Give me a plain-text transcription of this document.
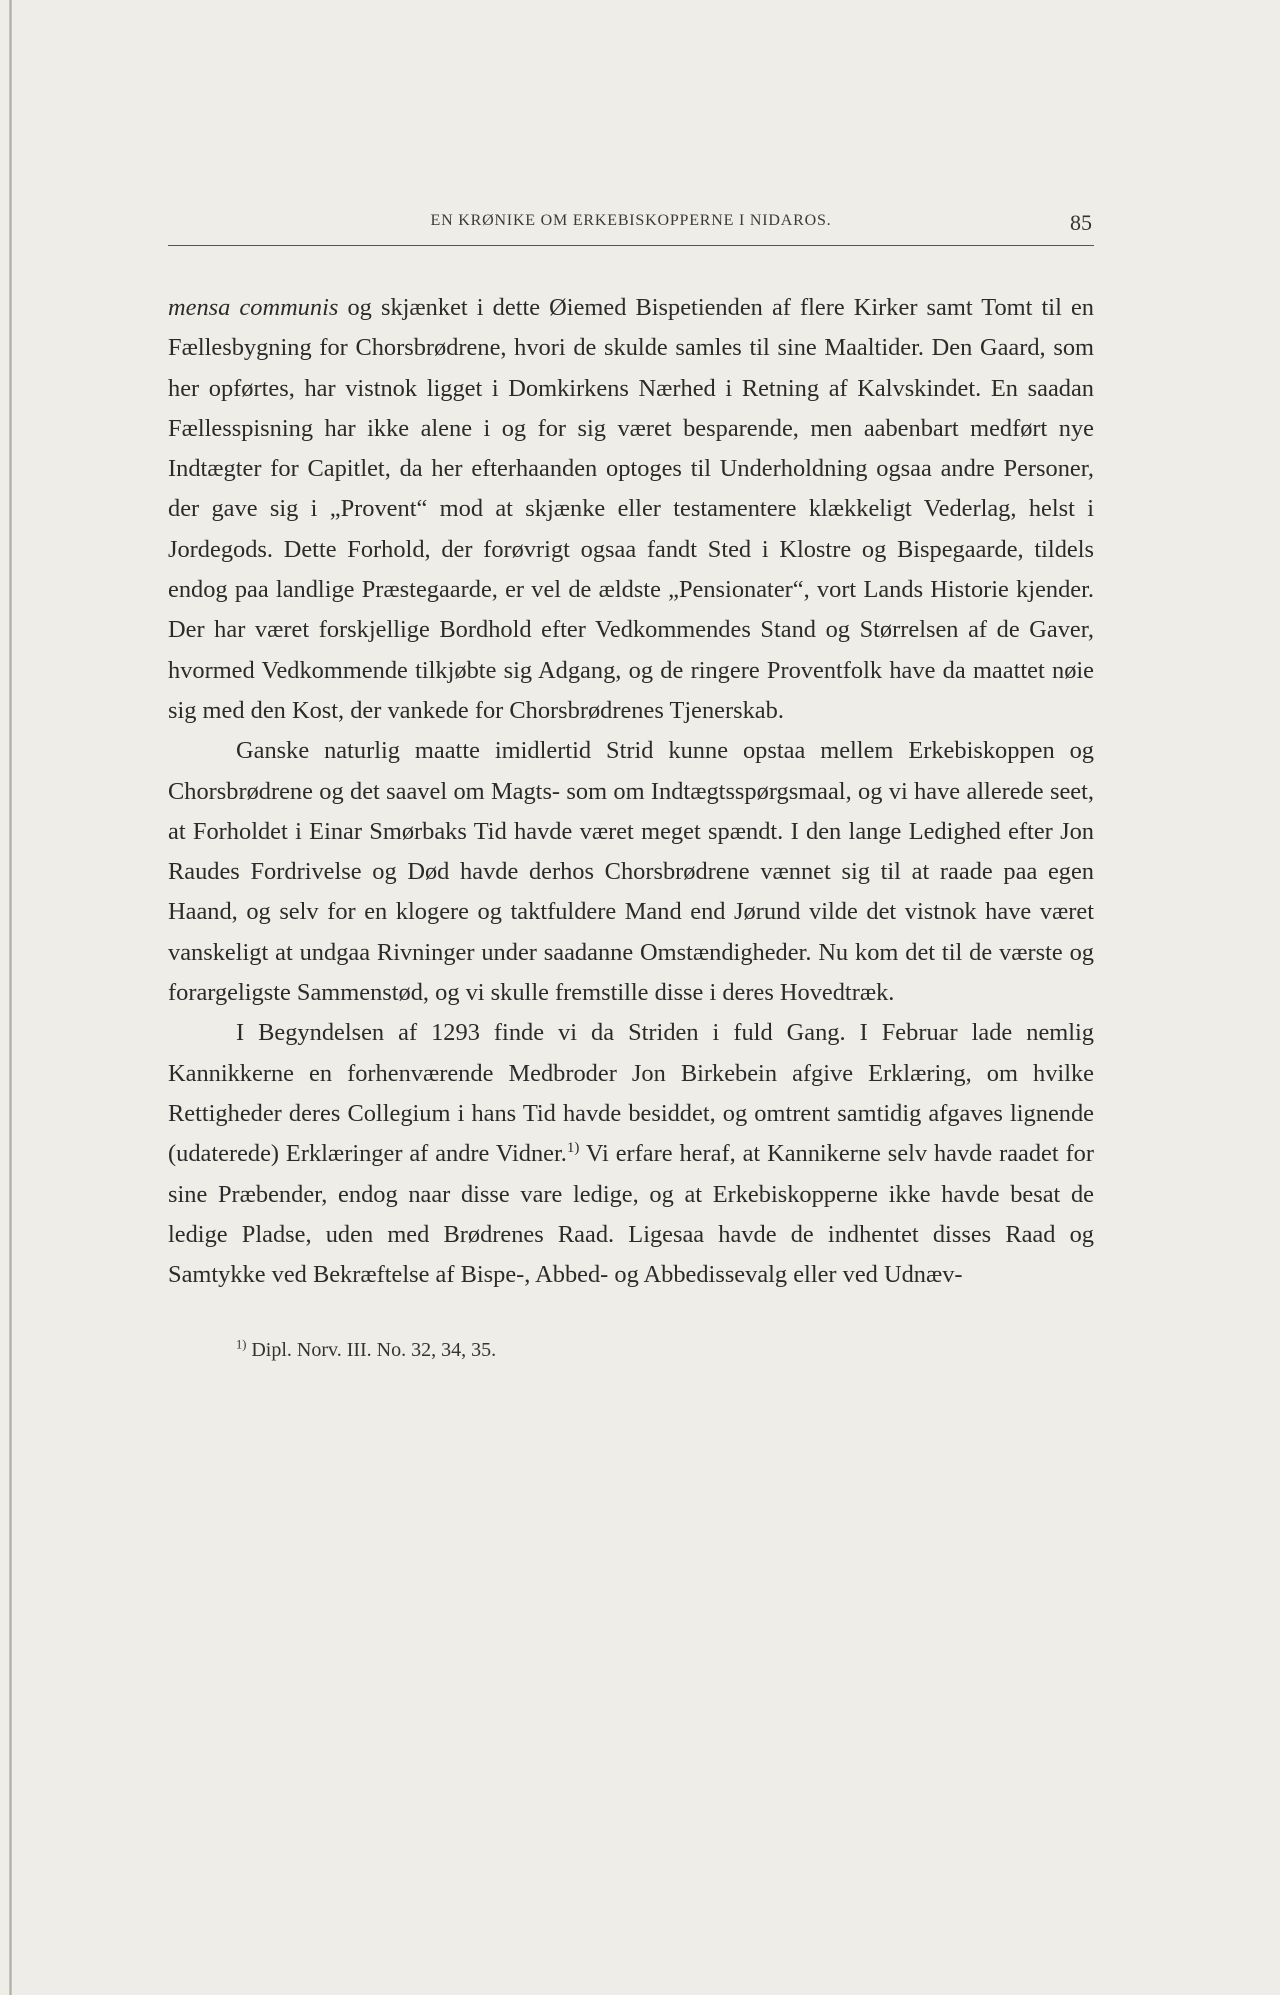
EN KRØNIKE OM ERKEBISKOPPERNE I NIDAROS.	85

mensa communis og skjænket i dette Øiemed Bispetienden af flere Kirker samt Tomt til en Fællesbygning for Chorsbrødrene, hvori de skulde samles til sine Maaltider. Den Gaard, som her opførtes, har vistnok ligget i Domkirkens Nærhed i Retning af Kalvskindet. En saadan Fællesspisning har ikke alene i og for sig været besparende, men aabenbart medført nye Indtægter for Capitlet, da her efterhaanden optoges til Underholdning ogsaa andre Personer, der gave sig i „Provent“ mod at skjænke eller testamentere klækkeligt Vederlag, helst i Jordegods. Dette Forhold, der forøvrigt ogsaa fandt Sted i Klostre og Bispegaarde, tildels endog paa landlige Præstegaarde, er vel de ældste „Pensionater“, vort Lands Historie kjender. Der har været forskjellige Bordhold efter Vedkommendes Stand og Størrelsen af de Gaver, hvormed Vedkommende tilkjøbte sig Adgang, og de ringere Proventfolk have da maattet nøie sig med den Kost, der vankede for Chorsbrødrenes Tjenerskab.

Ganske naturlig maatte imidlertid Strid kunne opstaa mellem Erkebiskoppen og Chorsbrødrene og det saavel om Magts- som om Indtægtsspørgsmaal, og vi have allerede seet, at Forholdet i Einar Smørbaks Tid havde været meget spændt. I den lange Ledighed efter Jon Raudes Fordrivelse og Død havde derhos Chorsbrødrene vænnet sig til at raade paa egen Haand, og selv for en klogere og taktfuldere Mand end Jørund vilde det vistnok have været vanskeligt at undgaa Rivninger under saadanne Omstændigheder. Nu kom det til de værste og forargeligste Sammenstød, og vi skulle fremstille disse i deres Hovedtræk.

I Begyndelsen af 1293 finde vi da Striden i fuld Gang. I Februar lade nemlig Kannikkerne en forhenværende Medbroder Jon Birkebein afgive Erklæring, om hvilke Rettigheder deres Collegium i hans Tid havde besiddet, og omtrent samtidig afgaves lignende (udaterede) Erklæringer af andre Vidner.$^{1)}$ Vi erfare heraf, at Kannikerne selv havde raadet for sine Præbender, endog naar disse vare ledige, og at Erkebiskopperne ikke havde besat de ledige Pladse, uden med Brødrenes Raad. Ligesaa havde de indhentet disses Raad og Samtykke ved Bekræftelse af Bispe-, Abbed- og Abbedissevalg eller ved Udnæv-

$^{1)}$ Dipl. Norv. III. No. 32, 34, 35.
